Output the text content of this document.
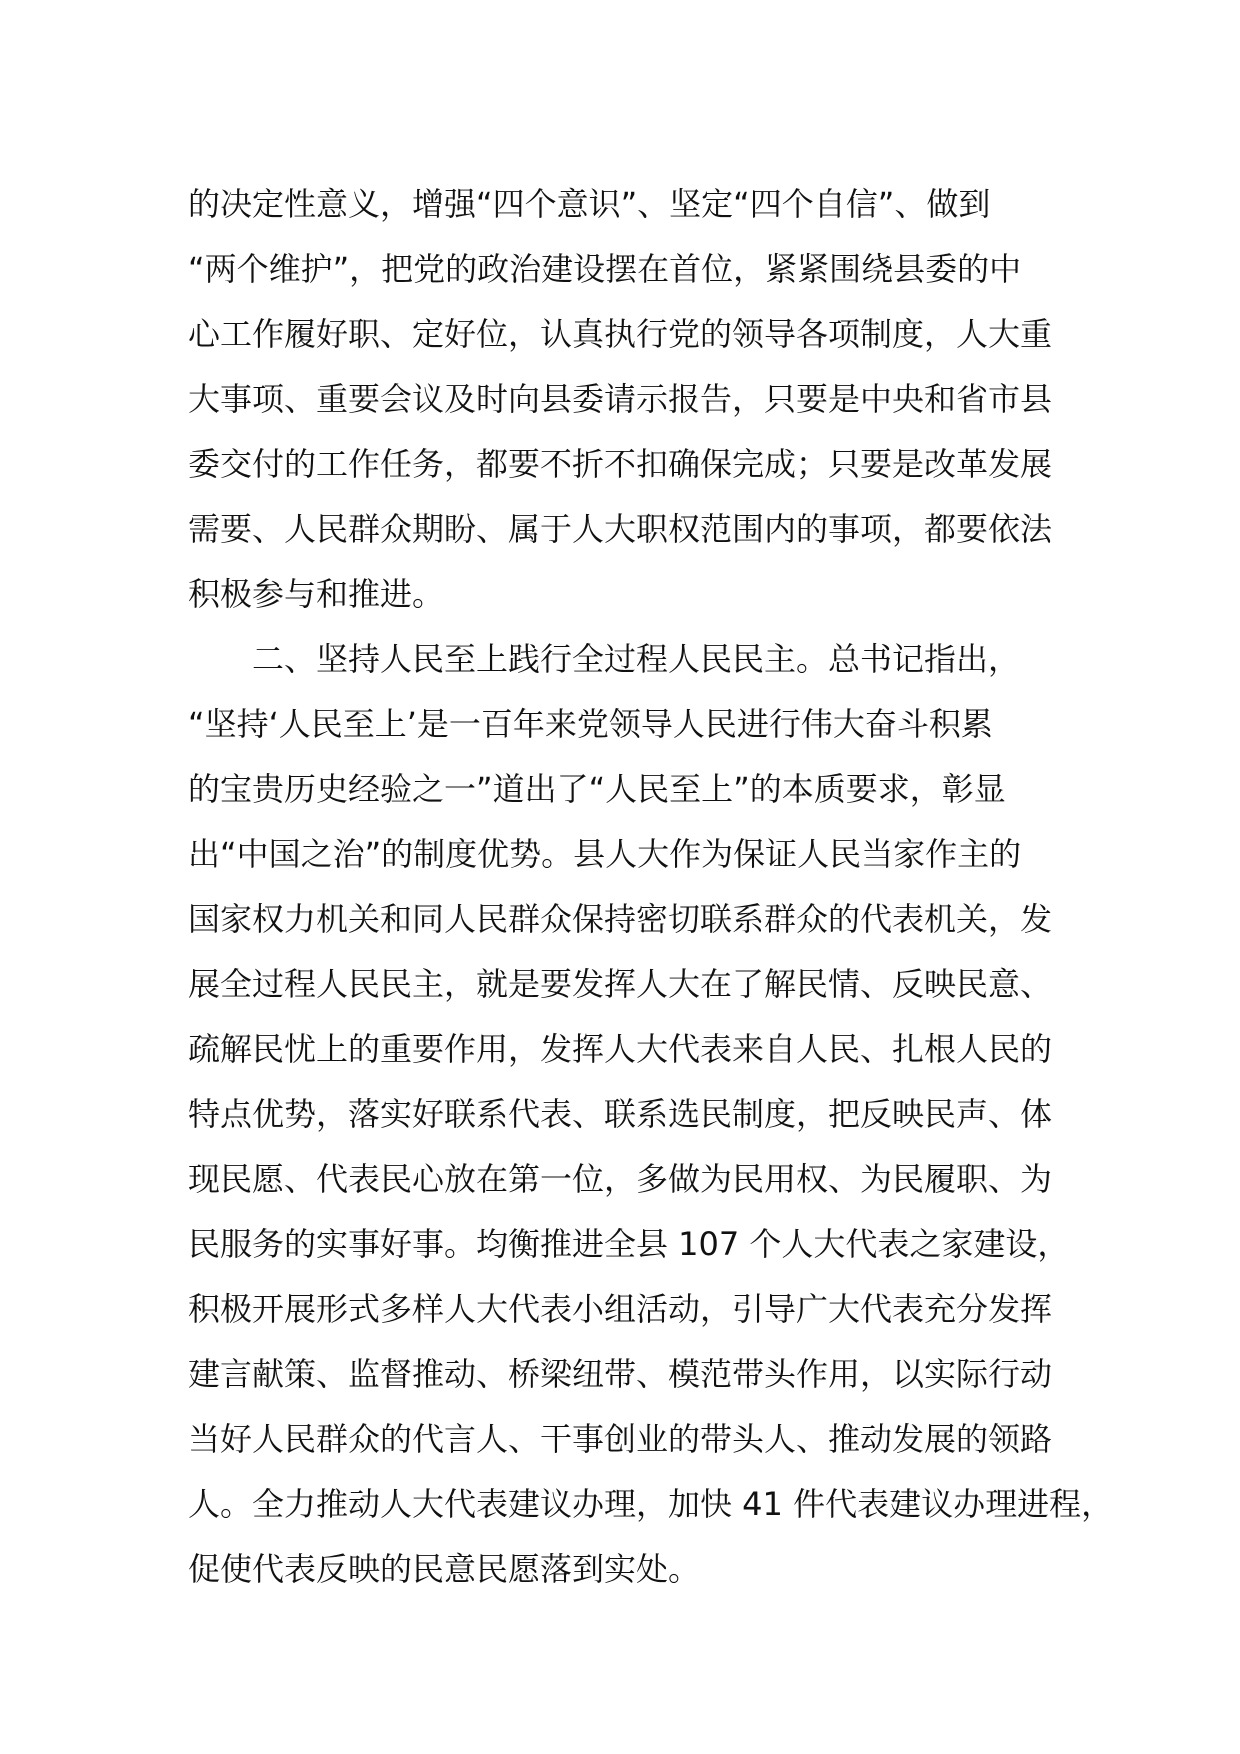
的决定性意义，增强“四个意识”、坚定“四个自信”、做到
“两个维护”，把党的政治建设摆在首位，紧紧围绕县委的中
心工作履好职、定好位，认真执行党的领导各项制度，人大重
大事项、重要会议及时向县委请示报告，只要是中央和省市县
委交付的工作任务，都要不折不扣确保完成；只要是改革发展
需要、人民群众期盼、属于人大职权范围内的事项，都要依法
积极参与和推进。
二、坚持人民至上践行全过程人民民主。总书记指出，
“坚持‘人民至上’是一百年来党领导人民进行伟大奋斗积累
的宝贵历史经验之一”道出了“人民至上”的本质要求，彰显
出“中国之治”的制度优势。县人大作为保证人民当家作主的
国家权力机关和同人民群众保持密切联系群众的代表机关，发
展全过程人民民主，就是要发挥人大在了解民情、反映民意、
疏解民忧上的重要作用，发挥人大代表来自人民、扎根人民的
特点优势，落实好联系代表、联系选民制度，把反映民声、体
现民愿、代表民心放在第一位，多做为民用权、为民履职、为
民服务的实事好事。均衡推进全县 107 个人大代表之家建设，
积极开展形式多样人大代表小组活动，引导广大代表充分发挥
建言献策、监督推动、桥梁纽带、模范带头作用，以实际行动
当好人民群众的代言人、干事创业的带头人、推动发展的领路
人。全力推动人大代表建议办理，加快 41 件代表建议办理进程，
促使代表反映的民意民愿落到实处。
